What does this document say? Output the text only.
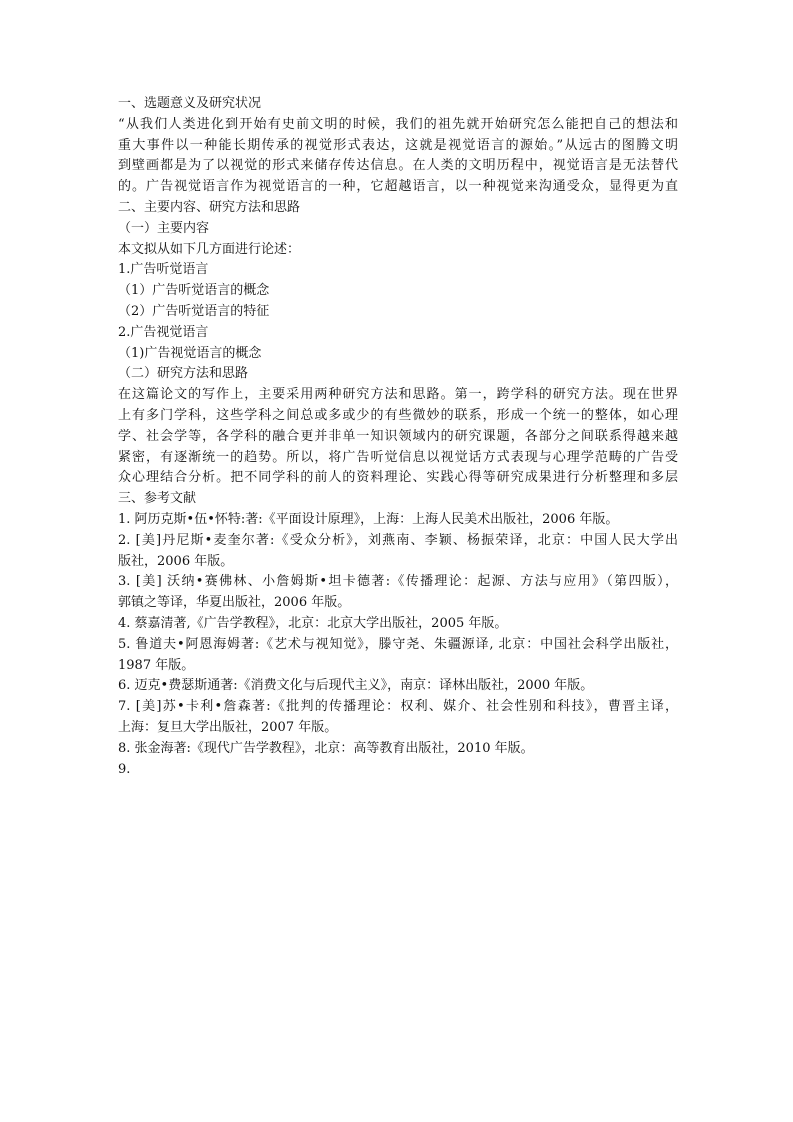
一、选题意义及研究状况
“从我们人类进化到开始有史前文明的时候，我们的祖先就开始研究怎么能把自己的想法和
重大事件以一种能长期传承的视觉形式表达，这就是视觉语言的源始。”从远古的图腾文明
到壁画都是为了以视觉的形式来储存传达信息。在人类的文明历程中，视觉语言是无法替代
的。广告视觉语言作为视觉语言的一种，它超越语言，以一种视觉来沟通受众，显得更为直
二、主要内容、研究方法和思路
（一）主要内容
本文拟从如下几方面进行论述：
1.广告听觉语言
（1）广告听觉语言的概念
（2）广告听觉语言的特征
2.广告视觉语言
（1)广告视觉语言的概念
（二）研究方法和思路
在这篇论文的写作上，主要采用两种研究方法和思路。第一，跨学科的研究方法。现在世界
上有多门学科，这些学科之间总或多或少的有些微妙的联系，形成一个统一的整体，如心理
学、社会学等，各学科的融合更并非单一知识领域内的研究课题，各部分之间联系得越来越
紧密，有逐渐统一的趋势。所以，将广告听觉信息以视觉话方式表现与心理学范畴的广告受
众心理结合分析。把不同学科的前人的资料理论、实践心得等研究成果进行分析整理和多层
三、参考文献
1. 阿历克斯•伍•怀特:著:《平面设计原理》，上海：上海人民美术出版社，2006 年版。
2. [美]丹尼斯•麦奎尔著:《受众分析》，刘燕南、李颖、杨振荣译，北京：中国人民大学出
版社，2006 年版。
3. [美] 沃纳•赛佛林、小詹姆斯•坦卡德著:《传播理论：起源、方法与应用》（第四版），
郭镇之等译，华夏出版社，2006 年版。
4. 蔡嘉清著,《广告学教程》，北京：北京大学出版社，2005 年版。
5. 鲁道夫•阿恩海姆著:《艺术与视知觉》，滕守尧、朱疆源译, 北京：中国社会科学出版社，
1987 年版。
6. 迈克•费瑟斯通著:《消费文化与后现代主义》，南京：译林出版社，2000 年版。
7. [美]苏•卡利•詹森著:《批判的传播理论：权利、媒介、社会性别和科技》，曹晋主译，
上海：复旦大学出版社，2007 年版。
8. 张金海著:《现代广告学教程》，北京：高等教育出版社，2010 年版。
9.
